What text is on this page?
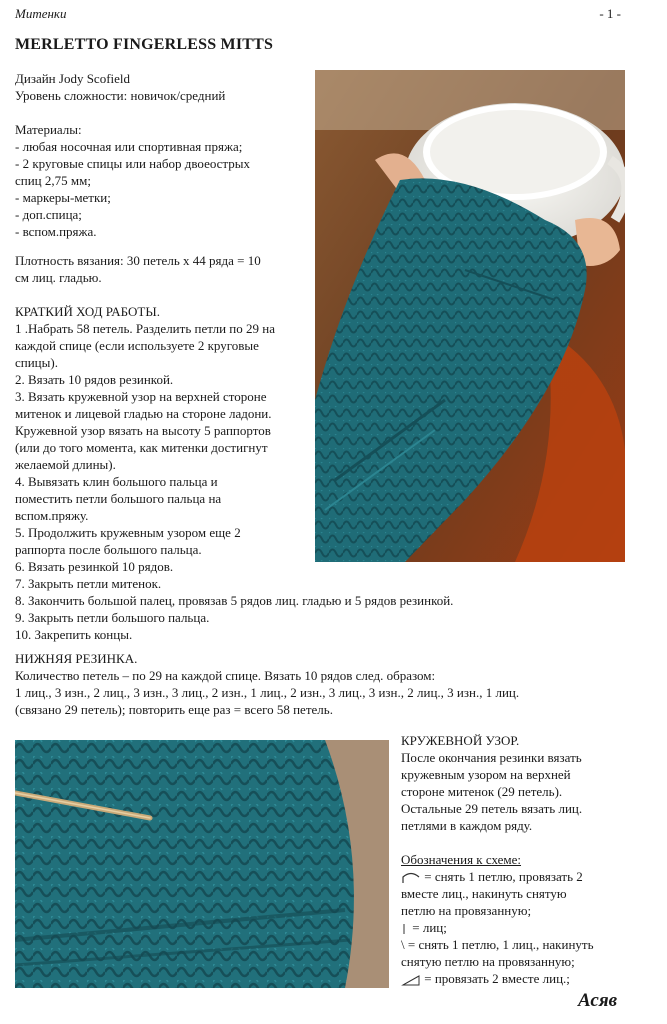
Митенки	- 1 -
MERLETTO FINGERLESS MITTS

Дизайн Jody Scofield

Уровень сложности: новичок/средний

Материалы:

- любая носочная или спортивная пряжа;

- 2 круговые спицы или набор двоеострых

спиц 2,75 мм;

- маркеры-метки;

- доп.спица;

- вспом.пряжа.

Плотность вязания: 30 петель х 44 ряда = 10

см лиц. гладью.

КРАТКИЙ ХОД РАБОТЫ.

1 .Набрать 58 петель. Разделить петли по 29 на

каждой спице (если используете 2 круговые

спицы).

2. Вязать 10 рядов резинкой.

3. Вязать кружевной узор на верхней стороне

митенок и лицевой гладью на стороне ладони.

Кружевной узор вязать на высоту 5 раппортов

(или до того момента, как митенки достигнут

желаемой длины).

4. Вывязать клин большого пальца и

поместить петли большого пальца на

вспом.пряжу.

5. Продолжить кружевным узором еще 2

раппорта после большого пальца.

6. Вязать резинкой 10 рядов.

7. Закрыть петли митенок.

8. Закончить большой палец, провязав 5 рядов лиц. гладью и 5 рядов резинкой.

9. Закрыть петли большого пальца.

10. Закрепить концы.

НИЖНЯЯ РЕЗИНКА.

Количество петель – по 29 на каждой спице. Вязать 10 рядов след. образом:

1 лиц., 3 изн., 2 лиц., 3 изн., 3 лиц., 2 изн., 1 лиц., 2 изн., 3 лиц., 3 изн., 2 лиц., 3 изн., 1 лиц.

(связано 29 петель); повторить еще раз = всего 58 петель.

КРУЖЕВНОЙ УЗОР.

После окончания резинки вязать

кружевным узором на верхней

стороне митенок (29 петель).

Остальные 29 петель вязать лиц.

петлями в каждом ряду.

Обозначения к схеме:

= снять 1 петлю, провязать 2

вместе лиц., накинуть снятую

петлю на провязанную;

= лиц;

\ = снять 1 петлю, 1 лиц., накинуть

снятую петлю на провязанную;

= провязать 2 вместе лиц.;

Асяв
